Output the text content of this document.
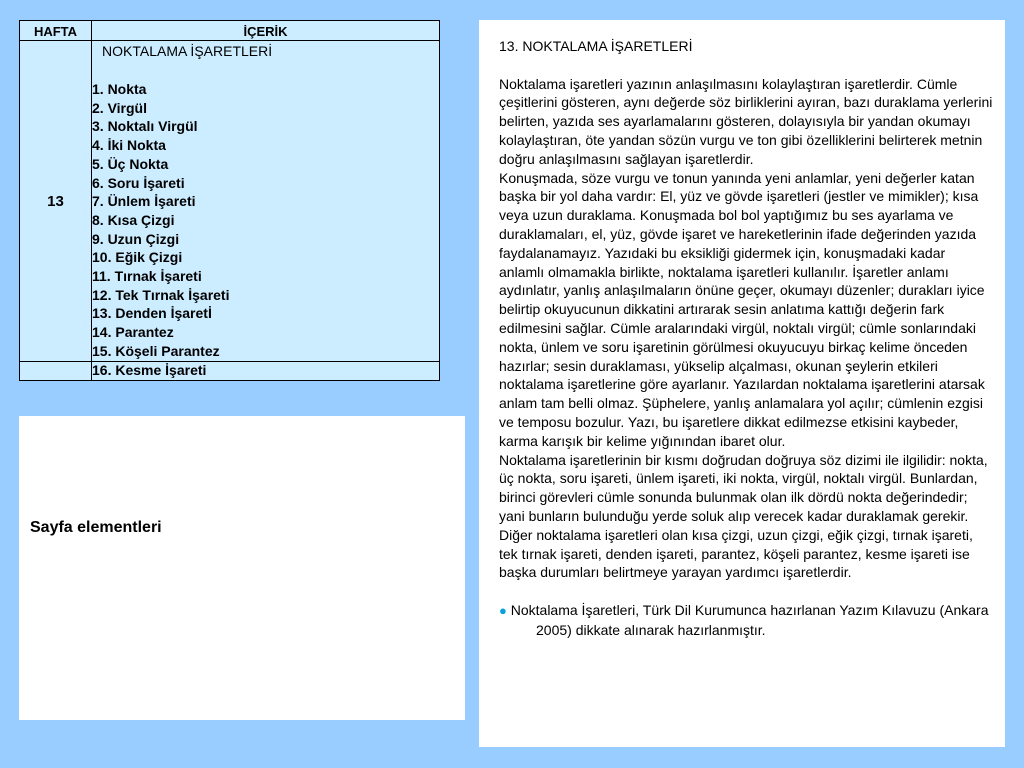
HAFTA	İÇERİK
13
NOKTALAMA İŞARETLERİ
1. Nokta
2. Virgül
3. Noktalı Virgül
4. İki Nokta
5. Üç Nokta
6. Soru İşareti
7. Ünlem İşareti
8. Kısa Çizgi
9. Uzun Çizgi
10. Eğik Çizgi
11. Tırnak İşareti
12. Tek Tırnak İşareti
13. Denden İşaretİ
14. Parantez
15. Köşeli Parantez
16. Kesme İşareti
Sayfa elementleri

13. NOKTALAMA İŞARETLERİ

Noktalama işaretleri yazının anlaşılmasını kolaylaştıran işaretlerdir. Cümle çeşitlerini gösteren, aynı değerde söz birliklerini ayıran, bazı duraklama yerlerini belirten, yazıda ses ayarlamalarını gösteren, dolayısıyla bir yandan okumayı kolaylaştıran, öte yandan sözün vurgu ve ton gibi özelliklerini belirterek metnin doğru anlaşılmasını sağlayan işaretlerdir.

Konuşmada, söze vurgu ve tonun yanında yeni anlamlar, yeni değerler katan başka bir yol daha vardır: El, yüz ve gövde işaretleri (jestler ve mimikler); kısa veya uzun duraklama. Konuşmada bol bol yaptığımız bu ses ayarlama ve duraklamaları, el, yüz, gövde işaret ve hareketlerinin ifade değerinden yazıda faydalanamayız. Yazıdaki bu eksikliği gidermek için, konuşmadaki kadar anlamlı olmamakla birlikte, noktalama işaretleri kullanılır. İşaretler anlamı aydınlatır, yanlış anlaşılmaların önüne geçer, okumayı düzenler; durakları iyice belirtip okuyucunun dikkatini artırarak sesin anlatıma kattığı değerin fark edilmesini sağlar. Cümle aralarındaki virgül, noktalı virgül; cümle sonlarındaki nokta, ünlem ve soru işaretinin görülmesi okuyucuyu birkaç kelime önceden hazırlar; sesin duraklaması, yükselip alçalması, okunan şeylerin etkileri noktalama işaretlerine göre ayarlanır. Yazılardan noktalama işaretlerini atarsak anlam tam belli olmaz. Şüphelere, yanlış anlamalara yol açılır; cümlenin ezgisi ve temposu bozulur. Yazı, bu işaretlere dikkat edilmezse etkisini kaybeder, karma karışık bir kelime yığınından ibaret olur.

Noktalama işaretlerinin bir kısmı doğrudan doğruya söz dizimi ile ilgilidir: nokta, üç nokta, soru işareti, ünlem işareti, iki nokta, virgül, noktalı virgül. Bunlardan, birinci görevleri cümle sonunda bulunmak olan ilk dördü nokta değerindedir; yani bunların bulunduğu yerde soluk alıp verecek kadar duraklamak gerekir. Diğer noktalama işaretleri olan kısa çizgi, uzun çizgi, eğik çizgi, tırnak işareti, tek tırnak işareti, denden işareti, parantez, köşeli parantez, kesme işareti ise başka durumları belirtmeye yarayan yardımcı işaretlerdir.

● Noktalama İşaretleri, Türk Dil Kurumunca hazırlanan Yazım Kılavuzu (Ankara 2005) dikkate alınarak hazırlanmıştır.
